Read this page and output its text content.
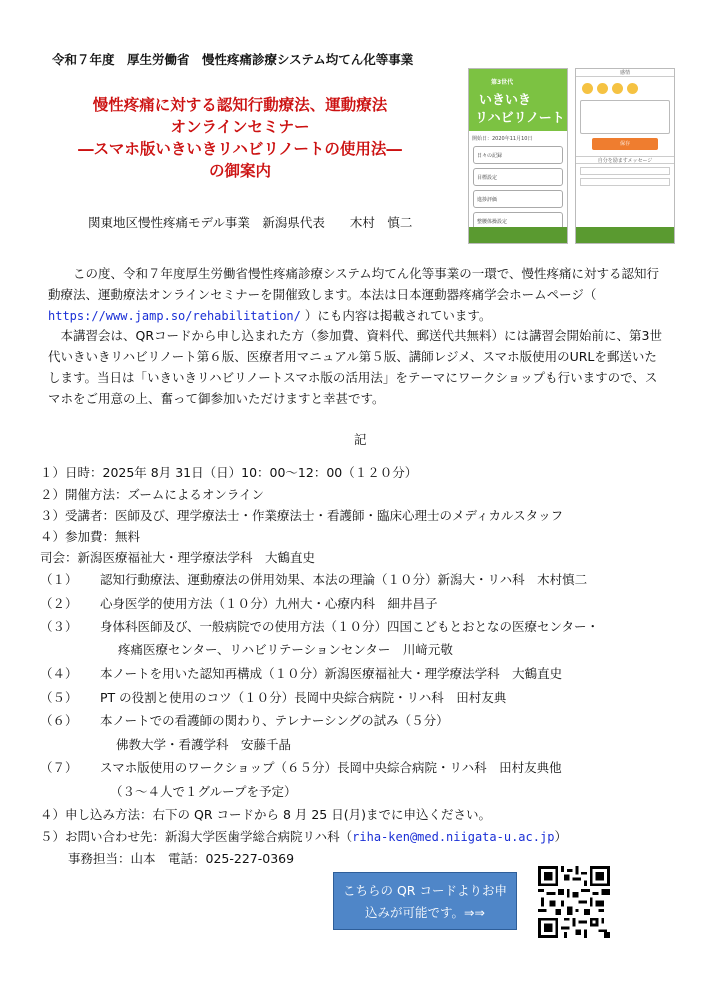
令和７年度　厚生労働省　慢性疼痛診療システム均てん化等事業
慢性疼痛に対する認知行動療法、運動療法
オンラインセミナー
―スマホ版いきいきリハビリノートの使用法―
の御案内
関東地区慢性疼痛モデル事業　新潟県代表　　木村　慎二
第3世代
いきいき
リハビリノート
開始日：2020年11月10日
日々の記録
目標設定
進捗評価
整腰体操設定
感情
保存
自分を励ますメッセージ
この度、令和７年度厚生労働省慢性疼痛診療システム均てん化等事業の一環で、慢性疼痛に対する認知行動療法、運動療法オンラインセミナーを開催致します。本法は日本運動器疼痛学会ホームページ（ https://www.jamp.so/rehabilitation/ ）にも内容は掲載されています。
本講習会は、QRコードから申し込まれた方（参加費、資料代、郵送代共無料）には講習会開始前に、第3世代いきいきリハビリノート第６版、医療者用マニュアル第５版、講師レジメ、スマホ版使用のURLを郵送いたします。当日は「いきいきリハビリノートスマホ版の活用法」をテーマにワークショップも行いますので、スマホをご用意の上、奮って御参加いただけますと幸甚です。
記
１）日時：2025年 8月 31日（日）10：00～12：00（１２０分）
２）開催方法：ズームによるオンライン
３）受講者：医師及び、理学療法士・作業療法士・看護師・臨床心理士のメディカルスタッフ
４）参加費：無料
司会：新潟医療福祉大・理学療法学科　大鶴直史
（１） 認知行動療法、運動療法の併用効果、本法の理論（１０分）新潟大・リハ科　木村慎二
（２） 心身医学的使用方法（１０分）九州大・心療内科　細井昌子
（３） 身体科医師及び、一般病院での使用方法（１０分）四国こどもとおとなの医療センター・
疼痛医療センター、リハビリテーションセンター　川﨑元敬
（４） 本ノートを用いた認知再構成（１０分）新潟医療福祉大・理学療法学科　大鶴直史
（５） PT の役割と使用のコツ（１０分）長岡中央綜合病院・リハ科　田村友典
（６） 本ノートでの看護師の関わり、テレナーシングの試み（５分）
佛教大学・看護学科　安藤千晶
（７） スマホ版使用のワークショップ（６５分）長岡中央綜合病院・リハ科　田村友典他
（３～４人で１グループを予定）
４）申し込み方法：右下の QR コードから 8 月 25 日(月)までに申込ください。
５）お問い合わせ先：新潟大学医歯学総合病院リハ科（riha-ken@med.niigata-u.ac.jp）
事務担当：山本　電話：025-227-0369
こちらの QR コードよりお申
込みが可能です。⇒⇒
